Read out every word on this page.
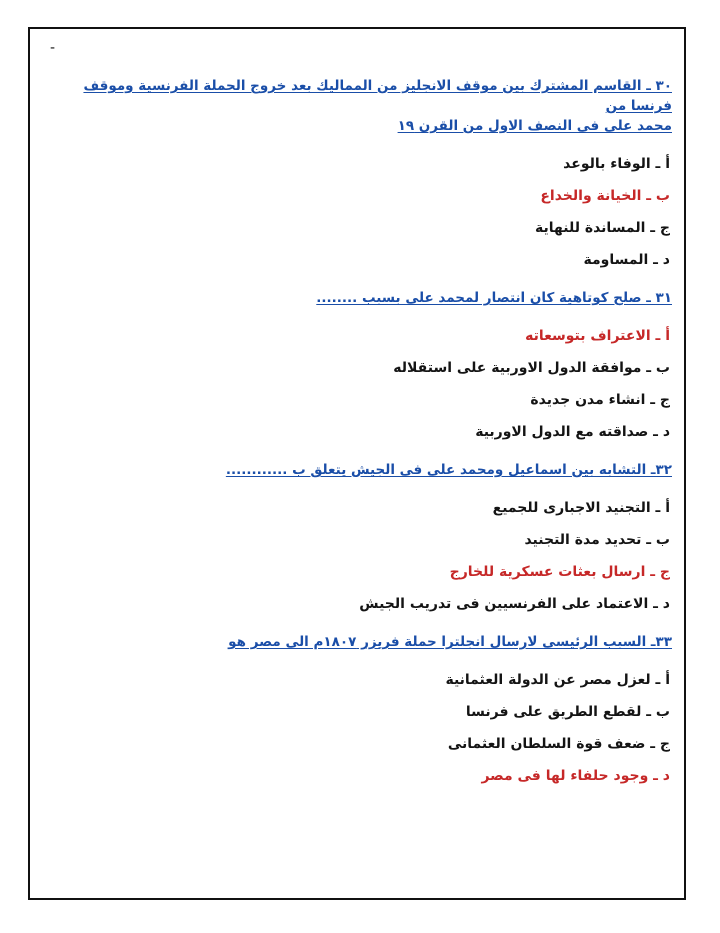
-
٣٠ ـ القاسم المشترك بين موقف الانجليز من المماليك بعد خروج الحملة الفرنسية وموقف فرنسا من
محمد على فى النصف الاول من القرن ١٩
أ ـ الوفاء بالوعد
ب ـ الخيانة والخداع
ج ـ المساندة للنهاية
د ـ المساومة
٣١ ـ صلح كوتاهية كان انتصار لمحمد على بسبب ........
أ ـ الاعتراف بتوسعاته
ب ـ موافقة الدول الاوربية على استقلاله
ج ـ انشاء مدن جديدة
د ـ صداقته مع الدول الاوربية
٣٢ـ التشابه بين اسماعيل ومحمد على فى الجيش يتعلق ب ............
أ ـ التجنيد الاجبارى للجميع
ب ـ تحديد مدة التجنيد
ج ـ ارسال بعثات عسكرية للخارج
د ـ الاعتماد على الفرنسيين فى تدريب الجيش
٣٣ـ السبب الرئيسى لارسال انجلترا حملة فريزر ١٨٠٧م الى مصر هو
أ ـ لعزل مصر عن الدولة العثمانية
ب ـ لقطع الطريق على فرنسا
ج ـ ضعف قوة السلطان العثمانى
د ـ وجود حلفاء لها فى مصر
